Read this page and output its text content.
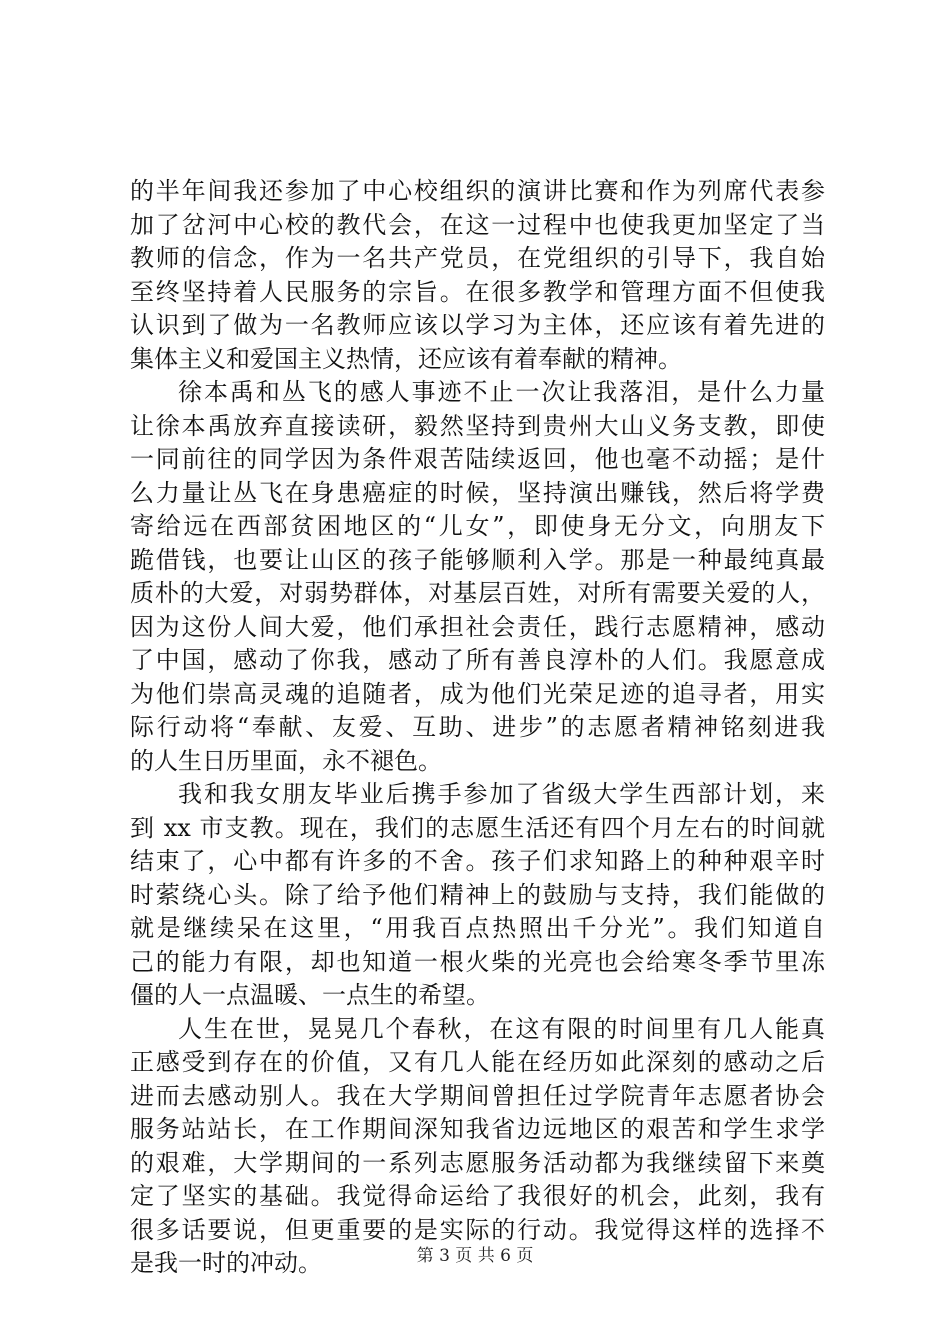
的半年间我还参加了中心校组织的演讲比赛和作为列席代表参
加了岔河中心校的教代会，在这一过程中也使我更加坚定了当
教师的信念，作为一名共产党员，在党组织的引导下，我自始
至终坚持着人民服务的宗旨。在很多教学和管理方面不但使我
认识到了做为一名教师应该以学习为主体，还应该有着先进的
集体主义和爱国主义热情，还应该有着奉献的精神。
徐本禹和丛飞的感人事迹不止一次让我落泪，是什么力量
让徐本禹放弃直接读研，毅然坚持到贵州大山义务支教，即使
一同前往的同学因为条件艰苦陆续返回，他也毫不动摇；是什
么力量让丛飞在身患癌症的时候，坚持演出赚钱，然后将学费
寄给远在西部贫困地区的“儿女”，即使身无分文，向朋友下
跪借钱，也要让山区的孩子能够顺利入学。那是一种最纯真最
质朴的大爱，对弱势群体，对基层百姓，对所有需要关爱的人，
因为这份人间大爱，他们承担社会责任，践行志愿精神，感动
了中国，感动了你我，感动了所有善良淳朴的人们。我愿意成
为他们崇高灵魂的追随者，成为他们光荣足迹的追寻者，用实
际行动将“奉献、友爱、互助、进步”的志愿者精神铭刻进我
的人生日历里面，永不褪色。
我和我女朋友毕业后携手参加了省级大学生西部计划，来
到 xx 市支教。现在，我们的志愿生活还有四个月左右的时间就
结束了，心中都有许多的不舍。孩子们求知路上的种种艰辛时
时萦绕心头。除了给予他们精神上的鼓励与支持，我们能做的
就是继续呆在这里，“用我百点热照出千分光”。我们知道自
己的能力有限，却也知道一根火柴的光亮也会给寒冬季节里冻
僵的人一点温暖、一点生的希望。
人生在世，晃晃几个春秋，在这有限的时间里有几人能真
正感受到存在的价值，又有几人能在经历如此深刻的感动之后
进而去感动别人。我在大学期间曾担任过学院青年志愿者协会
服务站站长，在工作期间深知我省边远地区的艰苦和学生求学
的艰难，大学期间的一系列志愿服务活动都为我继续留下来奠
定了坚实的基础。我觉得命运给了我很好的机会，此刻，我有
很多话要说，但更重要的是实际的行动。我觉得这样的选择不
是我一时的冲动。	第 3 页 共 6 页
